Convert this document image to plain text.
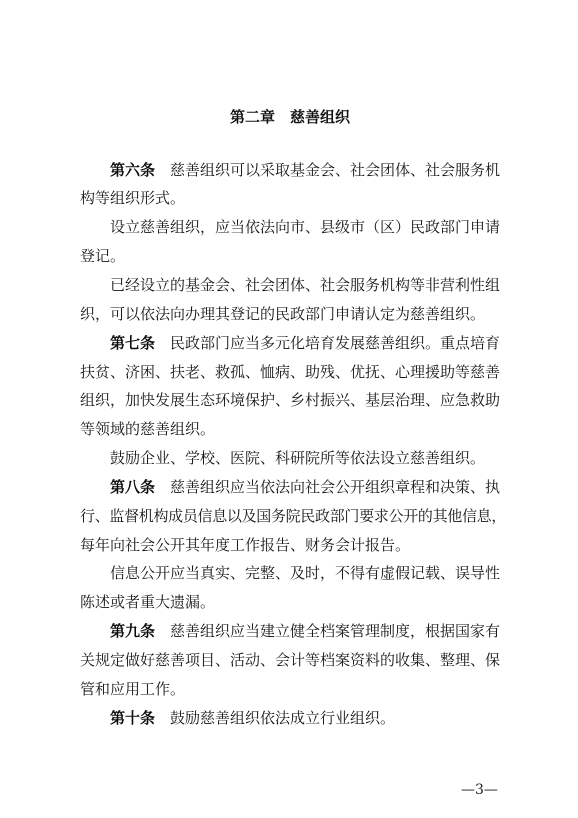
第二章　慈善组织
第六条 慈善组织可以采取基金会、社会团体、社会服务机
构等组织形式。
设立慈善组织，应当依法向市、县级市（区）民政部门申请
登记。
已经设立的基金会、社会团体、社会服务机构等非营利性组
织，可以依法向办理其登记的民政部门申请认定为慈善组织。
第七条 民政部门应当多元化培育发展慈善组织。重点培育
扶贫、济困、扶老、救孤、恤病、助残、优抚、心理援助等慈善
组织，加快发展生态环境保护、乡村振兴、基层治理、应急救助
等领域的慈善组织。
鼓励企业、学校、医院、科研院所等依法设立慈善组织。
第八条 慈善组织应当依法向社会公开组织章程和决策、执
行、监督机构成员信息以及国务院民政部门要求公开的其他信息，
每年向社会公开其年度工作报告、财务会计报告。
信息公开应当真实、完整、及时，不得有虚假记载、误导性
陈述或者重大遗漏。
第九条 慈善组织应当建立健全档案管理制度，根据国家有
关规定做好慈善项目、活动、会计等档案资料的收集、整理、保
管和应用工作。
第十条 鼓励慈善组织依法成立行业组织。
—3—
